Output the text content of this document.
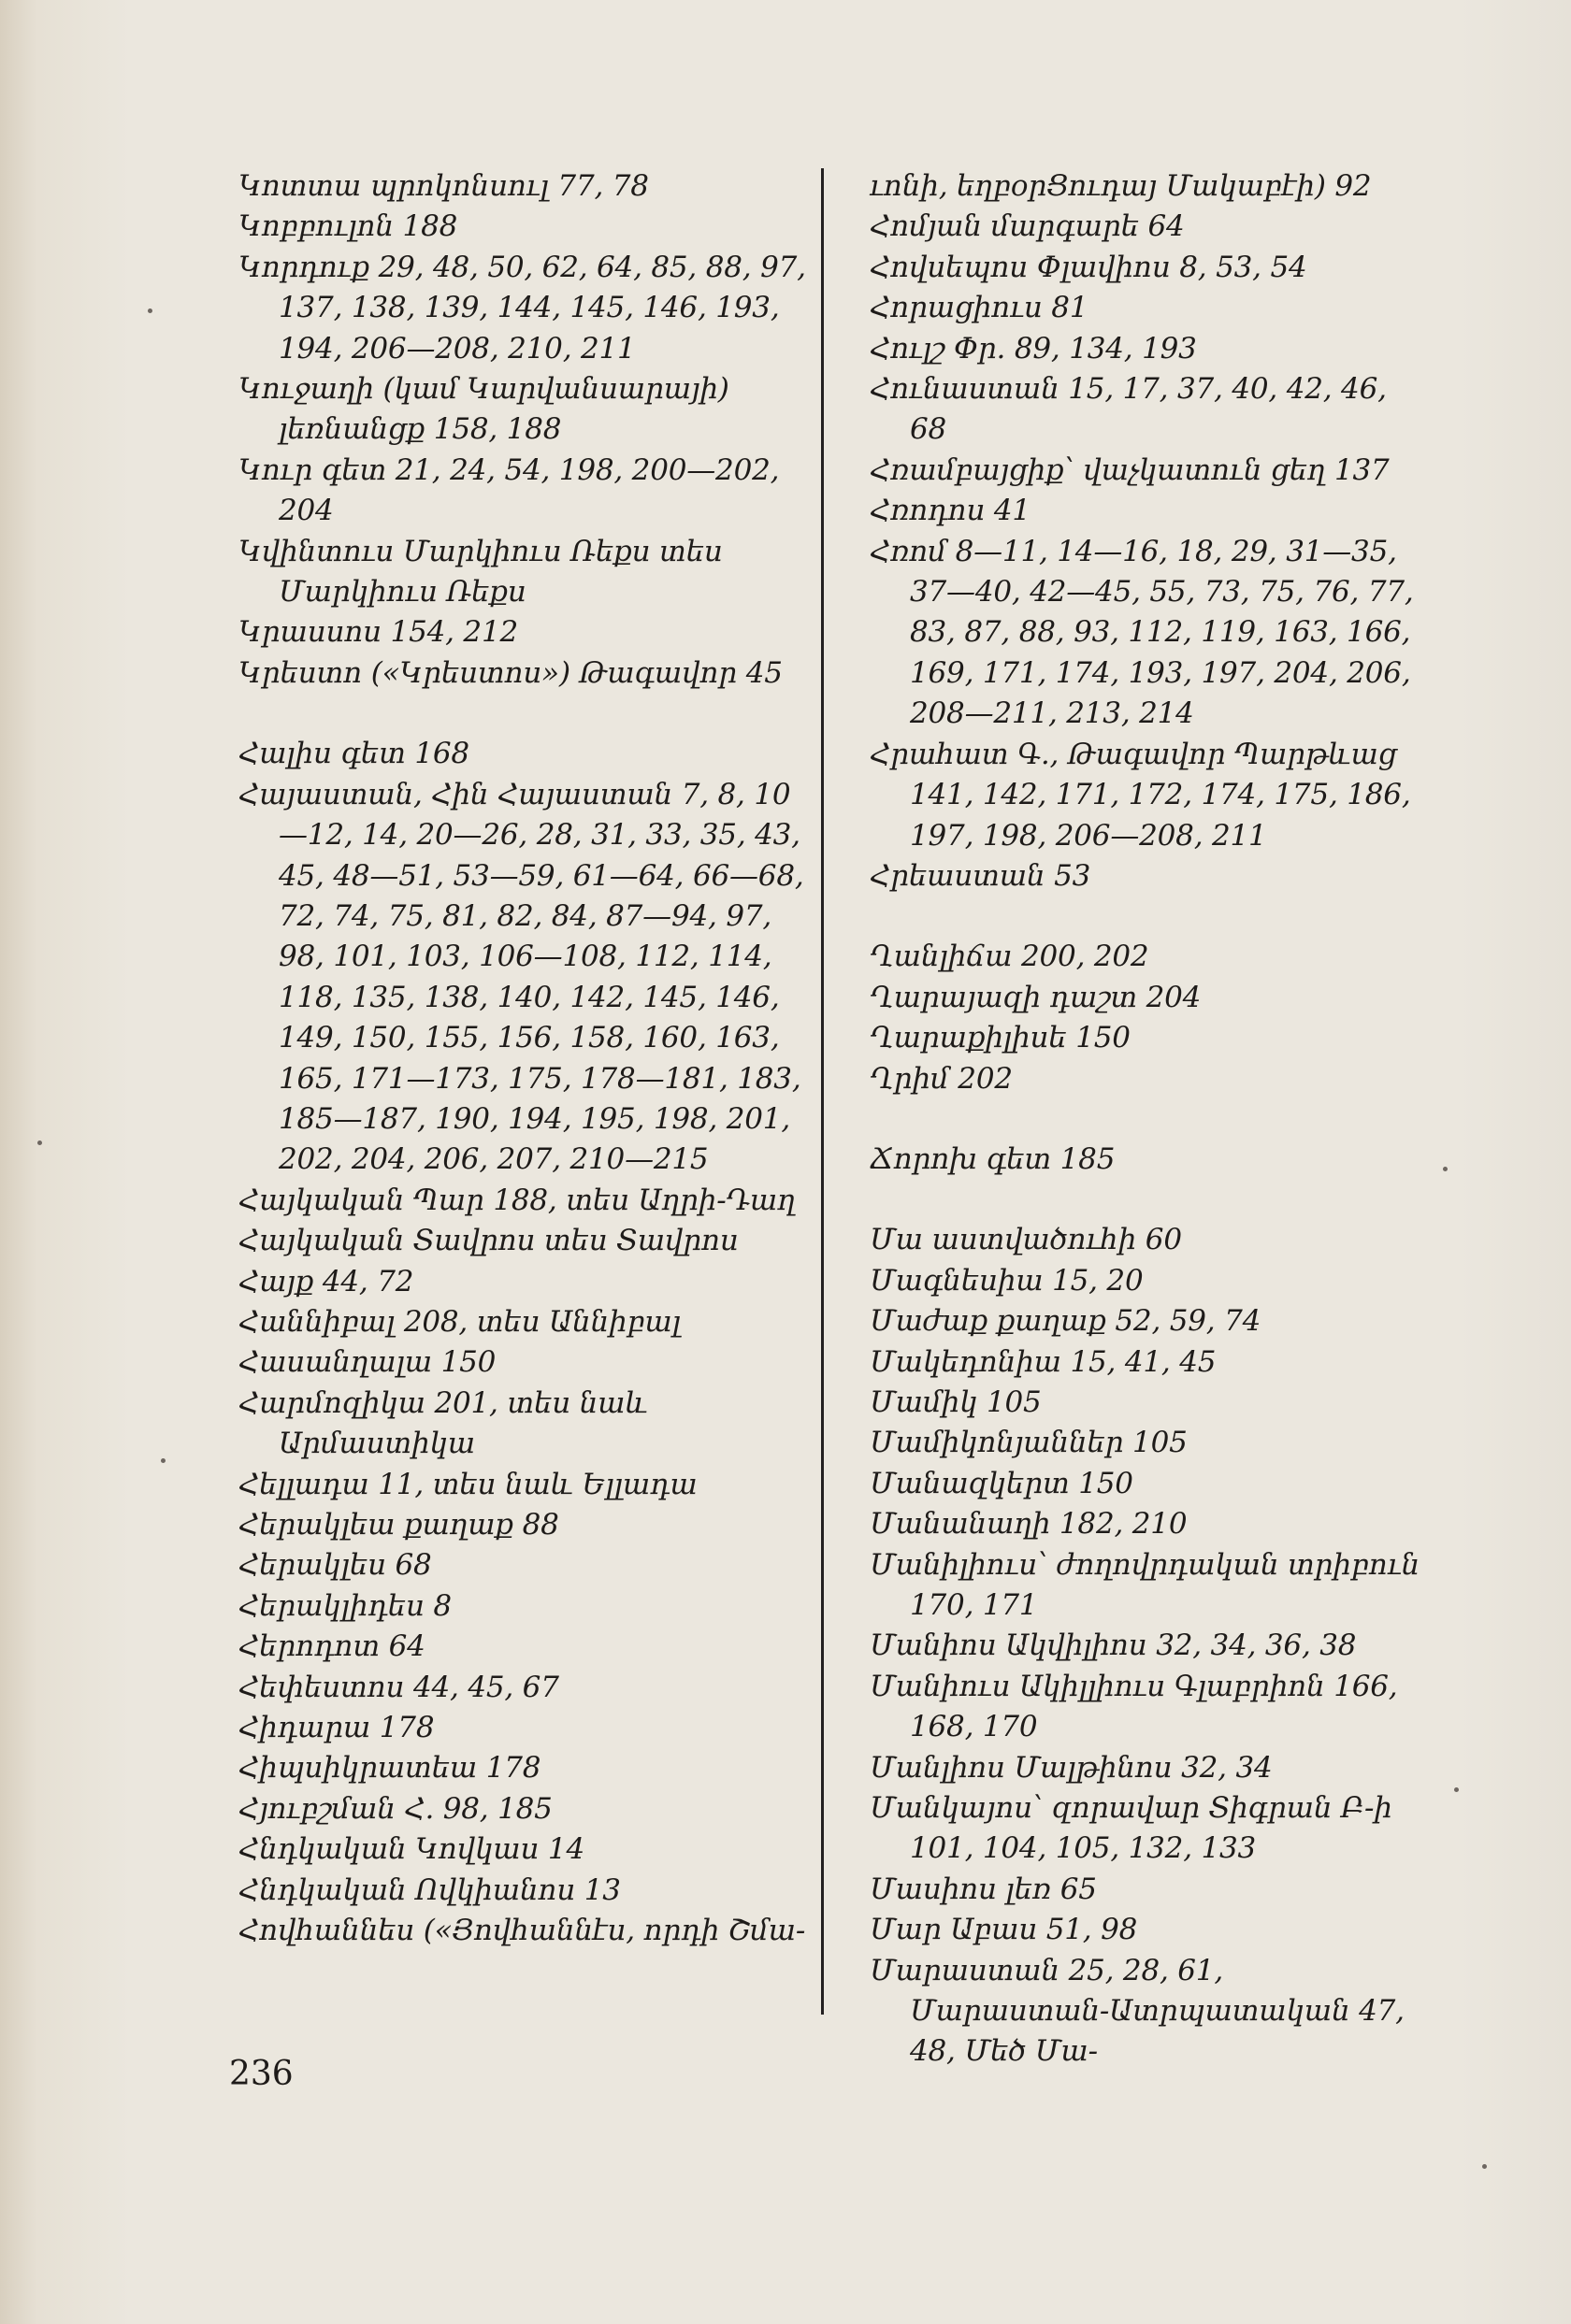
Կոտտա պրոկոնսուլ 77, 78
Կոբբուլոն 188
Կորդուք 29, 48, 50, 62, 64, 85, 88, 97, 137, 138, 139, 144, 145, 146, 193, 194, 206—208, 210, 211
Կուջաղի (կամ Կարվանսարայի) լեռնանցք 158, 188
Կուր գետ 21, 24, 54, 198, 200—202, 204
Կվինտուս Մարկիուս Ռեքս տես Մարկիուս Ռեքս
Կրասսոս 154, 212
Կրեստո («Կրեստոս») Թագավոր 45
Հալիս գետ 168
Հայաստան, Հին Հայաստան 7, 8, 10—12, 14, 20—26, 28, 31, 33, 35, 43, 45, 48—51, 53—59, 61—64, 66—68, 72, 74, 75, 81, 82, 84, 87—94, 97, 98, 101, 103, 106—108, 112, 114, 118, 135, 138, 140, 142, 145, 146, 149, 150, 155, 156, 158, 160, 163, 165, 171—173, 175, 178—181, 183, 185—187, 190, 194, 195, 198, 201, 202, 204, 206, 207, 210—215
Հայկական Պար 188, տես Աղրի-Դաղ
Հայկական Տավրոս տես Տավրոս
Հայք 44, 72
Հաննիբալ 208, տես Աննիբալ
Հասանղալա 150
Հարմոզիկա 201, տես նաև Արմաստիկա
Հելլադա 11, տես նաև Ելլադա
Հերակլեա քաղաք 88
Հերակլես 68
Հերակլիդես 8
Հերոդոտ 64
Հեփեստոս 44, 45, 67
Հիդարա 178
Հիպսիկրատեա 178
Հյուբշման Հ. 98, 185
Հնդկական Կովկաս 14
Հնդկական Ովկիանոս 13
Հովհաննես («Յովհաննէս, որդի Շմա-
ւոնի, եղբօրՑուդայ Մակաբէի) 92
Հոմյան մարգարե 64
Հովսեպոս Փլավիոս 8, 53, 54
Հորացիուս 81
Հուլշ Փր. 89, 134, 193
Հունաստան 15, 17, 37, 40, 42, 46, 68
Հռամբայցիք՝ վաչկատուն ցեղ 137
Հռոդոս 41
Հռոմ 8—11, 14—16, 18, 29, 31—35, 37—40, 42—45, 55, 73, 75, 76, 77, 83, 87, 88, 93, 112, 119, 163, 166, 169, 171, 174, 193, 197, 204, 206, 208—211, 213, 214
Հրահատ Գ., Թագավոր Պարթևաց 141, 142, 171, 172, 174, 175, 186, 197, 198, 206—208, 211
Հրեաստան 53
Ղանլիճա 200, 202
Ղարայազի դաշտ 204
Ղարաքիլիսե 150
Ղրիմ 202
Ճորոխ գետ 185
Մա աստվածուհի 60
Մագնեսիա 15, 20
Մաժաք քաղաք 52, 59, 74
Մակեդոնիա 15, 41, 45
Մամիկ 105
Մամիկոնյաններ 105
Մանազկերտ 150
Մանանաղի 182, 210
Մանիլիուս՝ ժողովրդական տրիբուն 170, 171
Մանիոս Ակվիլիոս 32, 34, 36, 38
Մանիուս Ակիլլիուս Գլաբրիոն 166, 168, 170
Մանլիոս Մալթինոս 32, 34
Մանկայոս՝ զորավար Տիգրան Բ-ի 101, 104, 105, 132, 133
Մասիոս լեռ 65
Մար Աբաս 51, 98
Մարաստան 25, 28, 61, Մարաստան-Ատրպատական 47, 48, Մեծ Մա-
236
